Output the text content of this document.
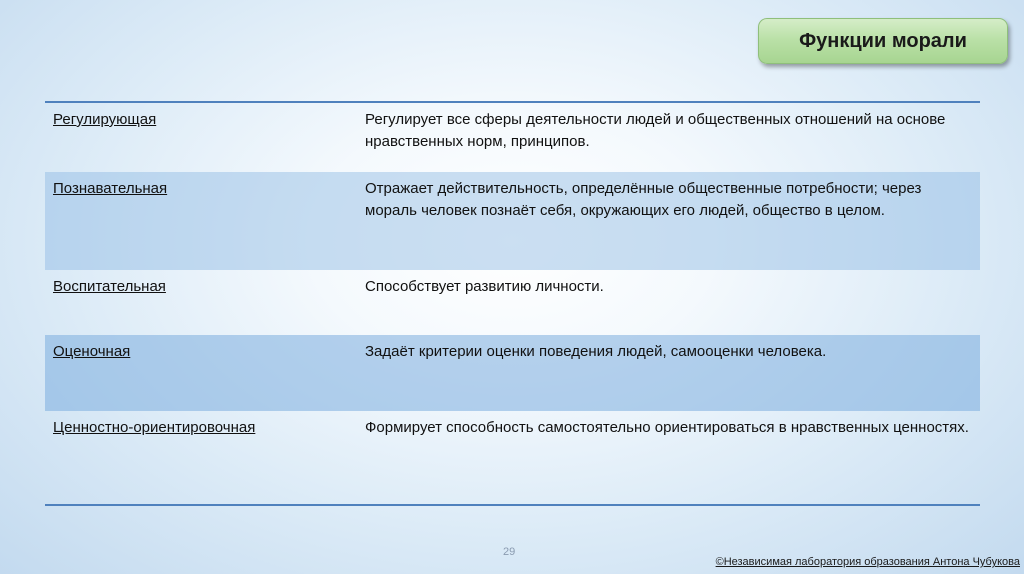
Функции морали
Регулирующая	Регулирует все сферы деятельности людей и общественных отношений на основе нравственных норм, принципов.
Познавательная	Отражает действительность, определённые общественные потребности; через мораль человек познаёт себя, окружающих его людей, общество в целом.
Воспитательная	Способствует развитию личности.
Оценочная	Задаёт критерии оценки поведения людей, самооценки человека.
Ценностно-ориентировочная	Формирует способность самостоятельно ориентироваться в нравственных ценностях.
29
©Независимая лаборатория образования Антона Чубукова
